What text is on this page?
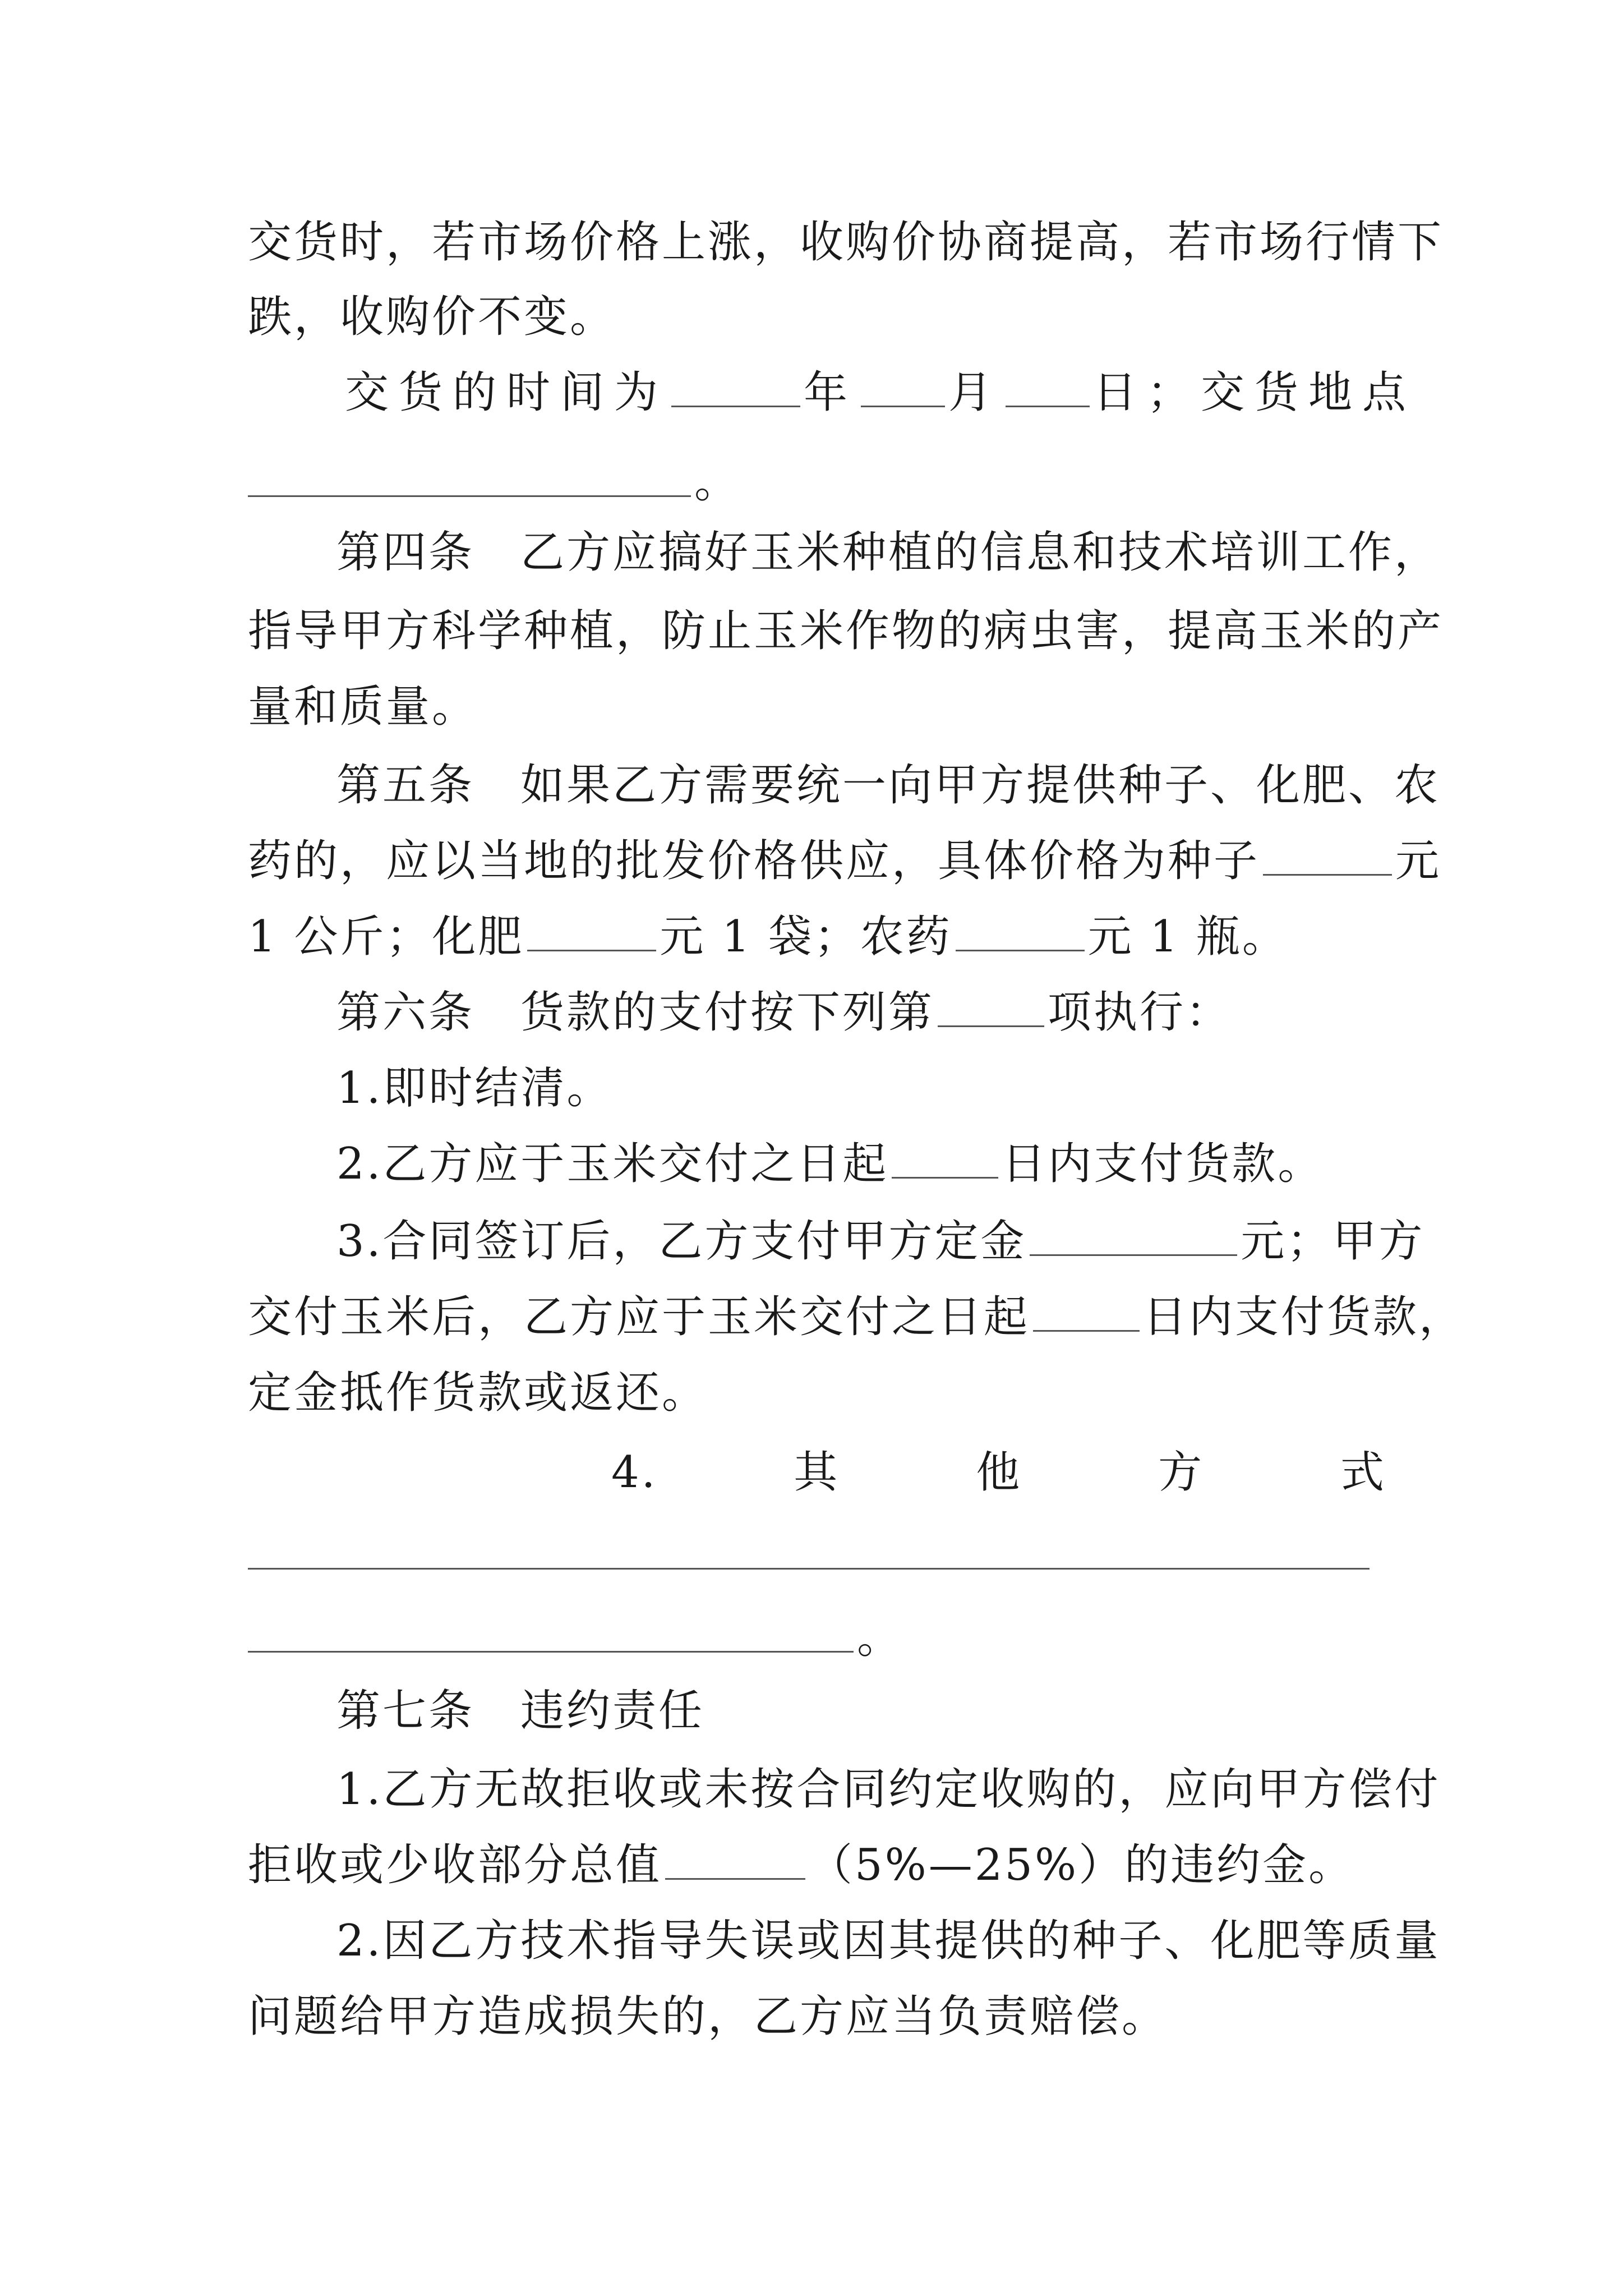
交货时，若市场价格上涨，收购价协商提高，若市场行情下
跌，收购价不变。
交货的时间为	年 月 日；交货地点
。
第四条　乙方应搞好玉米种植的信息和技术培训工作，
指导甲方科学种植，防止玉米作物的病虫害，提高玉米的产
量和质量。
第五条　如果乙方需要统一向甲方提供种子、化肥、农
药的，应以当地的批发价格供应，具体价格为种子	元
1 公斤；化肥	元 1 袋；农药	元 1 瓶。
第六条　货款的支付按下列第	项执行：
1.即时结清。
2.乙方应于玉米交付之日起	日内支付货款。
3.合同签订后，乙方支付甲方定金	元；甲方
交付玉米后，乙方应于玉米交付之日起	日内支付货款，
定金抵作货款或返还。
4.	其	他	方	式
。
第七条　违约责任
1.乙方无故拒收或未按合同约定收购的，应向甲方偿付
拒收或少收部分总值	（5%—25%）的违约金。
2.因乙方技术指导失误或因其提供的种子、化肥等质量
问题给甲方造成损失的，乙方应当负责赔偿。
